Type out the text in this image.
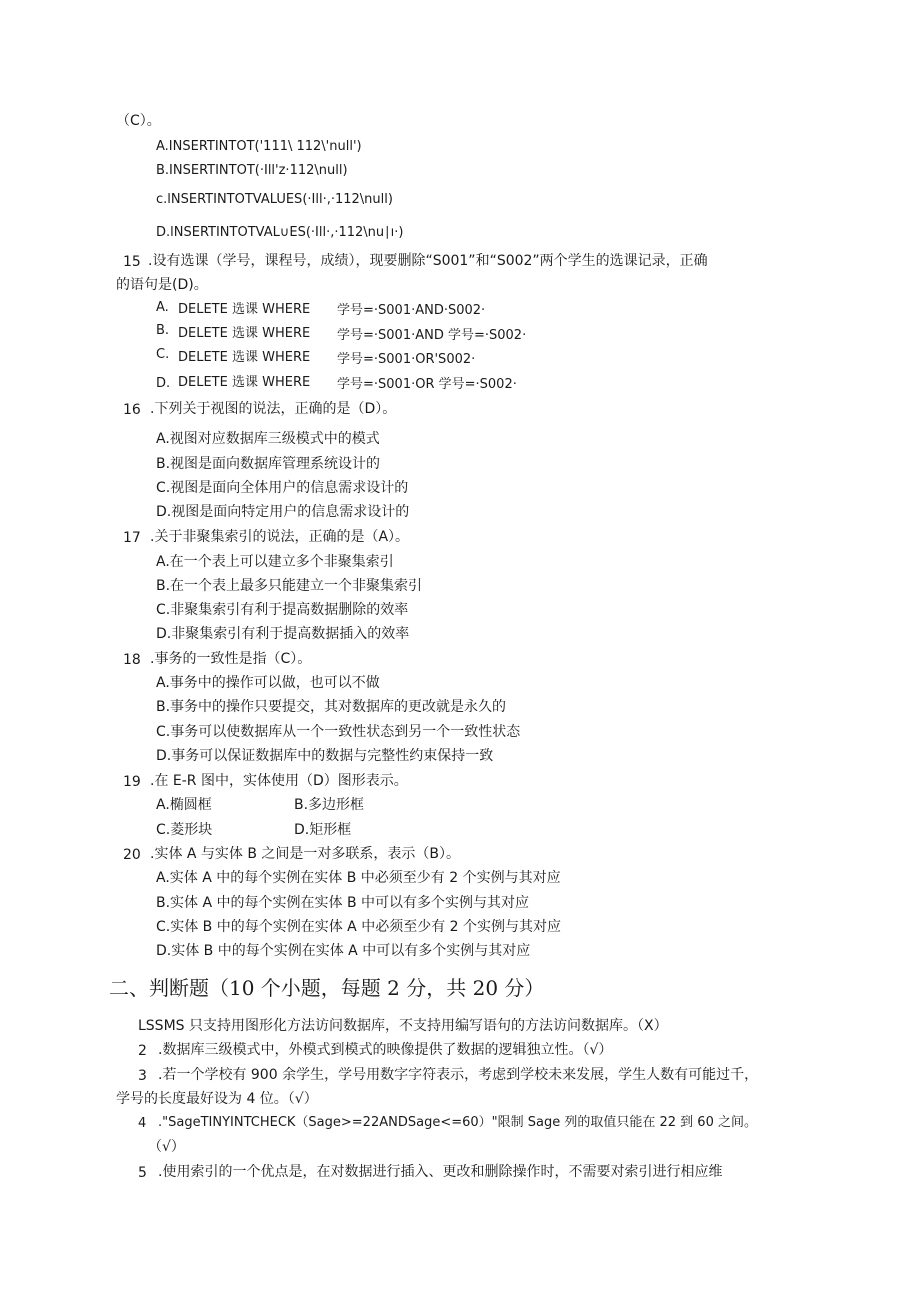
（C）。
A.INSERTINTOT('111\ 112\'null')
B.INSERTINTOT(·Ill'z·112\null)
c.lNSERTINTOTVALUES(·Ill·,·112\null)
D.lNSERTINTOTVAL∪ES(·Ill·,·112\nu∣ı·)
15 .设有选课（学号，课程号，成绩），现要删除“S001”和“S002”两个学生的选课记录，正确
的语句是(D)。
A. DELETE 选课 WHERE 学号=·S001·AND·S002·
B. DELETE 选课 WHERE 学号=·S001·AND 学号=·S002·
C. DELETE 选课 WHERE 学号=·S001·OR'S002·
D. DELETE 选课 WHERE 学号=·S001·OR 学号=·S002·
16 .下列关于视图的说法，正确的是（D）。
A.视图对应数据库三级模式中的模式
B.视图是面向数据库管理系统设计的
C.视图是面向全体用户的信息需求设计的
D.视图是面向特定用户的信息需求设计的
17 .关于非聚集索引的说法，正确的是（A）。
A.在一个表上可以建立多个非聚集索引
B.在一个表上最多只能建立一个非聚集索引
C.非聚集索引有利于提高数据删除的效率
D.非聚集索引有利于提高数据插入的效率
18 .事务的一致性是指（C）。
A.事务中的操作可以做，也可以不做
B.事务中的操作只要提交，其对数据库的更改就是永久的
C.事务可以使数据库从一个一致性状态到另一个一致性状态
D.事务可以保证数据库中的数据与完整性约束保持一致
19 .在 E-R 图中，实体使用（D）图形表示。
A.椭圆框	B.多边形框
C.菱形块	D.矩形框
20 .实体 A 与实体 B 之间是一对多联系，表示（B）。
A.实体 A 中的每个实例在实体 B 中必须至少有 2 个实例与其对应
B.实体 A 中的每个实例在实体 B 中可以有多个实例与其对应
C.实体 B 中的每个实例在实体 A 中必须至少有 2 个实例与其对应
D.实体 B 中的每个实例在实体 A 中可以有多个实例与其对应
二、判断题（10 个小题，每题 2 分，共 20 分）
LSSMS 只支持用图形化方法访问数据库，不支持用编写语句的方法访问数据库。（X）
2 .数据库三级模式中，外模式到模式的映像提供了数据的逻辑独立性。（√）
3 .若一个学校有 900 余学生，学号用数字字符表示，考虑到学校未来发展，学生人数有可能过千，
学号的长度最好设为 4 位。（√）
4 ."SageTINYINTCHECK（Sage>=22ANDSage<=60）"限制 Sage 列的取值只能在 22 到 60 之间。
（√）
5 .使用索引的一个优点是，在对数据进行插入、更改和删除操作时，不需要对索引进行相应维
